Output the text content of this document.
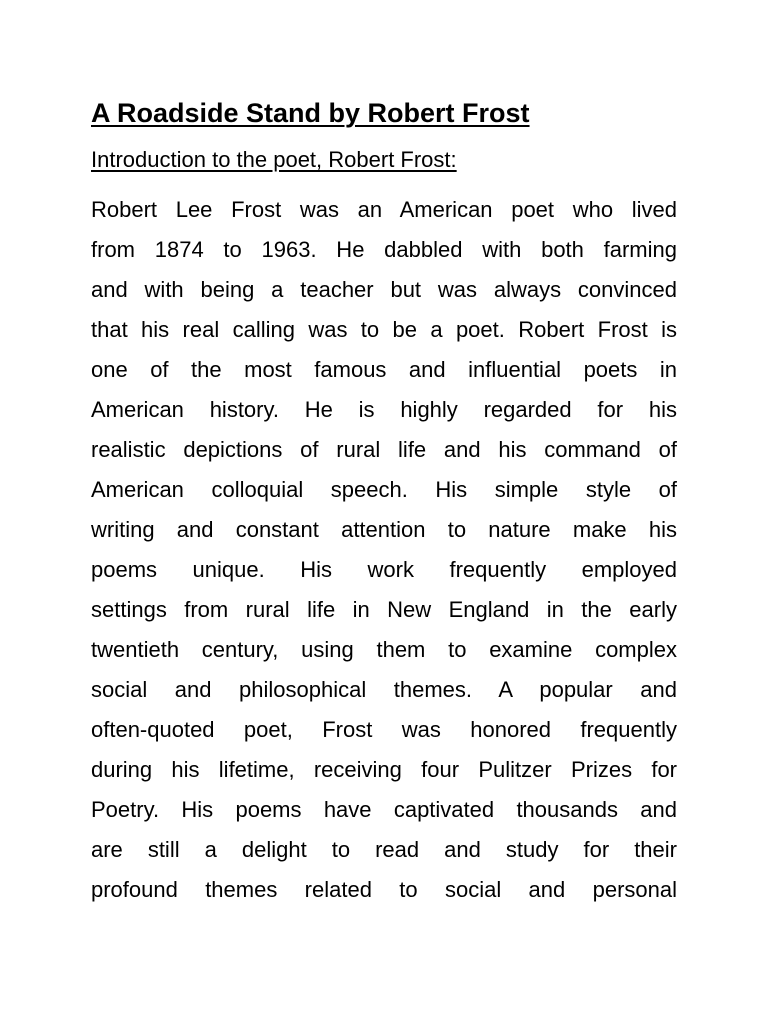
A Roadside Stand by Robert Frost

Introduction to the poet, Robert Frost:

Robert Lee Frost was an American poet who lived
from 1874 to 1963. He dabbled with both farming
and with being a teacher but was always convinced
that his real calling was to be a poet. Robert Frost is
one of the most famous and influential poets in
American history. He is highly regarded for his
realistic depictions of rural life and his command of
American colloquial speech. His simple style of
writing and constant attention to nature make his
poems unique. His work frequently employed
settings from rural life in New England in the early
twentieth century, using them to examine complex
social and philosophical themes. A popular and
often-quoted poet, Frost was honored frequently
during his lifetime, receiving four Pulitzer Prizes for
Poetry. His poems have captivated thousands and
are still a delight to read and study for their
profound themes related to social and personal
